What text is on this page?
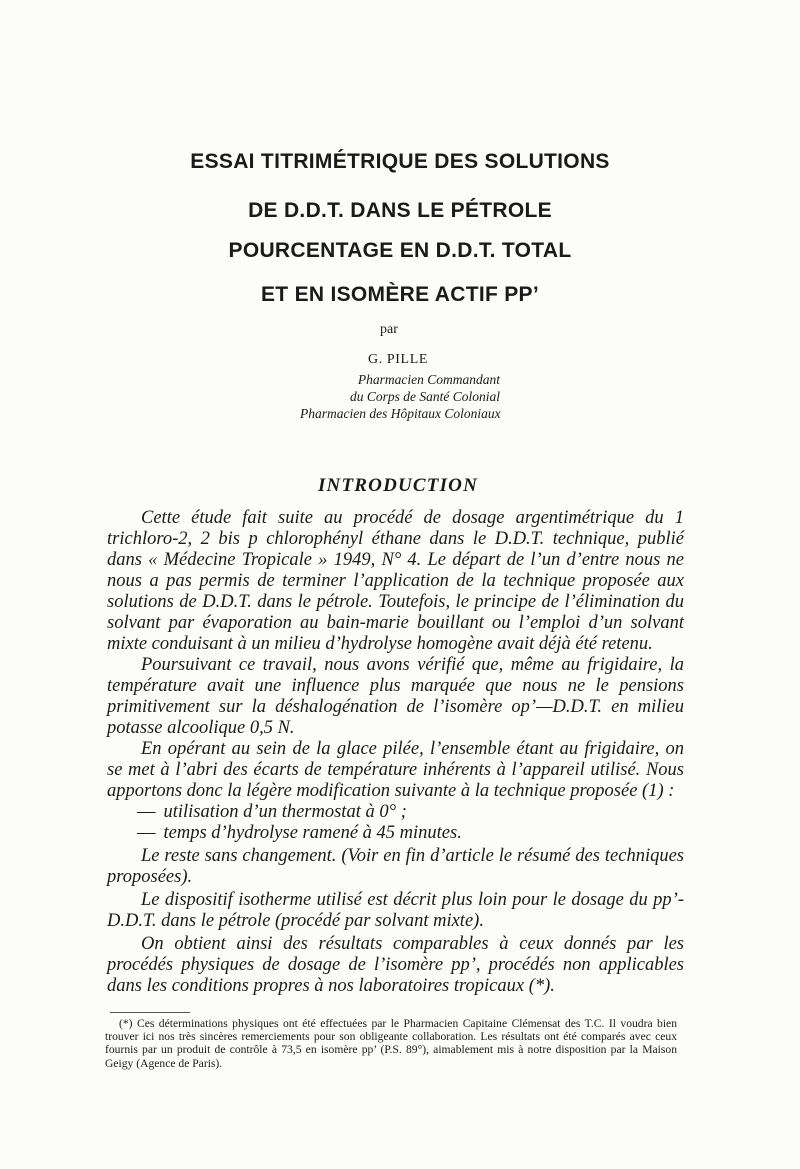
ESSAI TITRIMÉTRIQUE DES SOLUTIONS
DE D.D.T. DANS LE PÉTROLE
POURCENTAGE EN D.D.T. TOTAL
ET EN ISOMÈRE ACTIF PP’

par

G. PILLE

Pharmacien Commandant

du Corps de Santé Colonial

Pharmacien des Hôpitaux Coloniaux

INTRODUCTION

Cette étude fait suite au procédé de dosage argentimétrique du 1 trichloro-2, 2 bis p chlorophényl éthane dans le D.D.T. technique, publié dans « Médecine Tropicale » 1949, N° 4. Le départ de l’un d’entre nous ne nous a pas permis de terminer l’application de la technique proposée aux solutions de D.D.T. dans le pétrole. Toutefois, le principe de l’élimination du solvant par évaporation au bain-marie bouillant ou l’emploi d’un solvant mixte conduisant à un milieu d’hydrolyse homogène avait déjà été retenu.

Poursuivant ce travail, nous avons vérifié que, même au frigidaire, la température avait une influence plus marquée que nous ne le pensions primitivement sur la déshalogénation de l’isomère op’—D.D.T. en milieu potasse alcoolique 0,5 N.

En opérant au sein de la glace pilée, l’ensemble étant au frigidaire, on se met à l’abri des écarts de température inhérents à l’appareil utilisé. Nous apportons donc la légère modification suivante à la technique proposée (1) :

— utilisation d’un thermostat à 0° ;
— temps d’hydrolyse ramené à 45 minutes.

Le reste sans changement. (Voir en fin d’article le résumé des techniques proposées).

Le dispositif isotherme utilisé est décrit plus loin pour le dosage du pp’-D.D.T. dans le pétrole (procédé par solvant mixte).

On obtient ainsi des résultats comparables à ceux donnés par les procédés physiques de dosage de l’isomère pp’, procédés non applicables dans les conditions propres à nos laboratoires tropicaux (*).

(*) Ces déterminations physiques ont été effectuées par le Pharmacien Capitaine Clémensat des T.C. Il voudra bien trouver ici nos très sincères remerciements pour son obligeante collaboration. Les résultats ont été comparés avec ceux fournis par un produit de contrôle à 73,5 en isomère pp’ (P.S. 89°), aimablement mis à notre disposition par la Maison Geigy (Agence de Paris).
